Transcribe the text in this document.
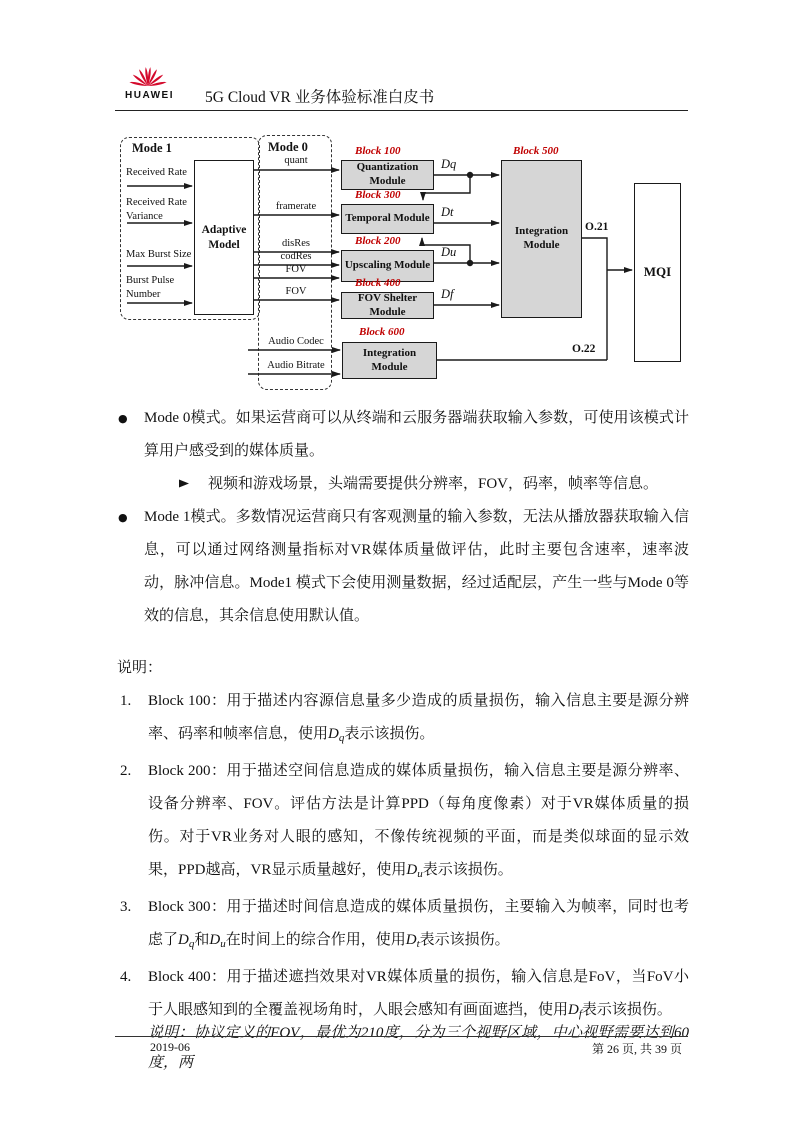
HUAWEI 5G Cloud VR 业务体验标准白皮书
Mode 1	Mode 0
Received Rate
Received Rate Variance
Max Burst Size
Burst Pulse Number
Adaptive Model
quant
framerate
disRes
codRes
FOV
FOV
Audio Codec
Audio Bitrate
Block 100
Quantization Module
Block 300
Temporal Module
Block 200
Upscaling Module
Block 400
FOV Shelter Module
Block 600
Integration Module
Block 500
Integration Module
Dq
Dt
Du
Df
O.21
O.22
MQI
● Mode 0模式。如果运营商可以从终端和云服务器端获取输入参数，可使用该模式计算用户感受到的媒体质量。
视频和游戏场景，头端需要提供分辨率，FOV，码率，帧率等信息。
● Mode 1模式。多数情况运营商只有客观测量的输入参数，无法从播放器获取输入信息，可以通过网络测量指标对VR媒体质量做评估，此时主要包含速率，速率波动，脉冲信息。Mode1 模式下会使用测量数据，经过适配层，产生一些与Mode 0等效的信息，其余信息使用默认值。
说明：
1. Block 100：用于描述内容源信息量多少造成的质量损伤，输入信息主要是源分辨率、码率和帧率信息，使用$D_q$表示该损伤。
2. Block 200：用于描述空间信息造成的媒体质量损伤，输入信息主要是源分辨率、设备分辨率、FOV。评估方法是计算PPD（每角度像素）对于VR媒体质量的损伤。对于VR业务对人眼的感知，不像传统视频的平面，而是类似球面的显示效果，PPD越高，VR显示质量越好，使用$D_u$表示该损伤。
3. Block 300：用于描述时间信息造成的媒体质量损伤，主要输入为帧率，同时也考虑了$D_q$和$D_u$在时间上的综合作用，使用$D_t$表示该损伤。
4. Block 400：用于描述遮挡效果对VR媒体质量的损伤，输入信息是FoV，当FoV小于人眼感知到的全覆盖视场角时，人眼会感知有画面遮挡，使用$D_f$表示该损伤。
说明：协议定义的FOV，最优为210度，分为三个视野区域，中心视野需要达到60度，两
2019-06	第 26 页, 共 39 页
